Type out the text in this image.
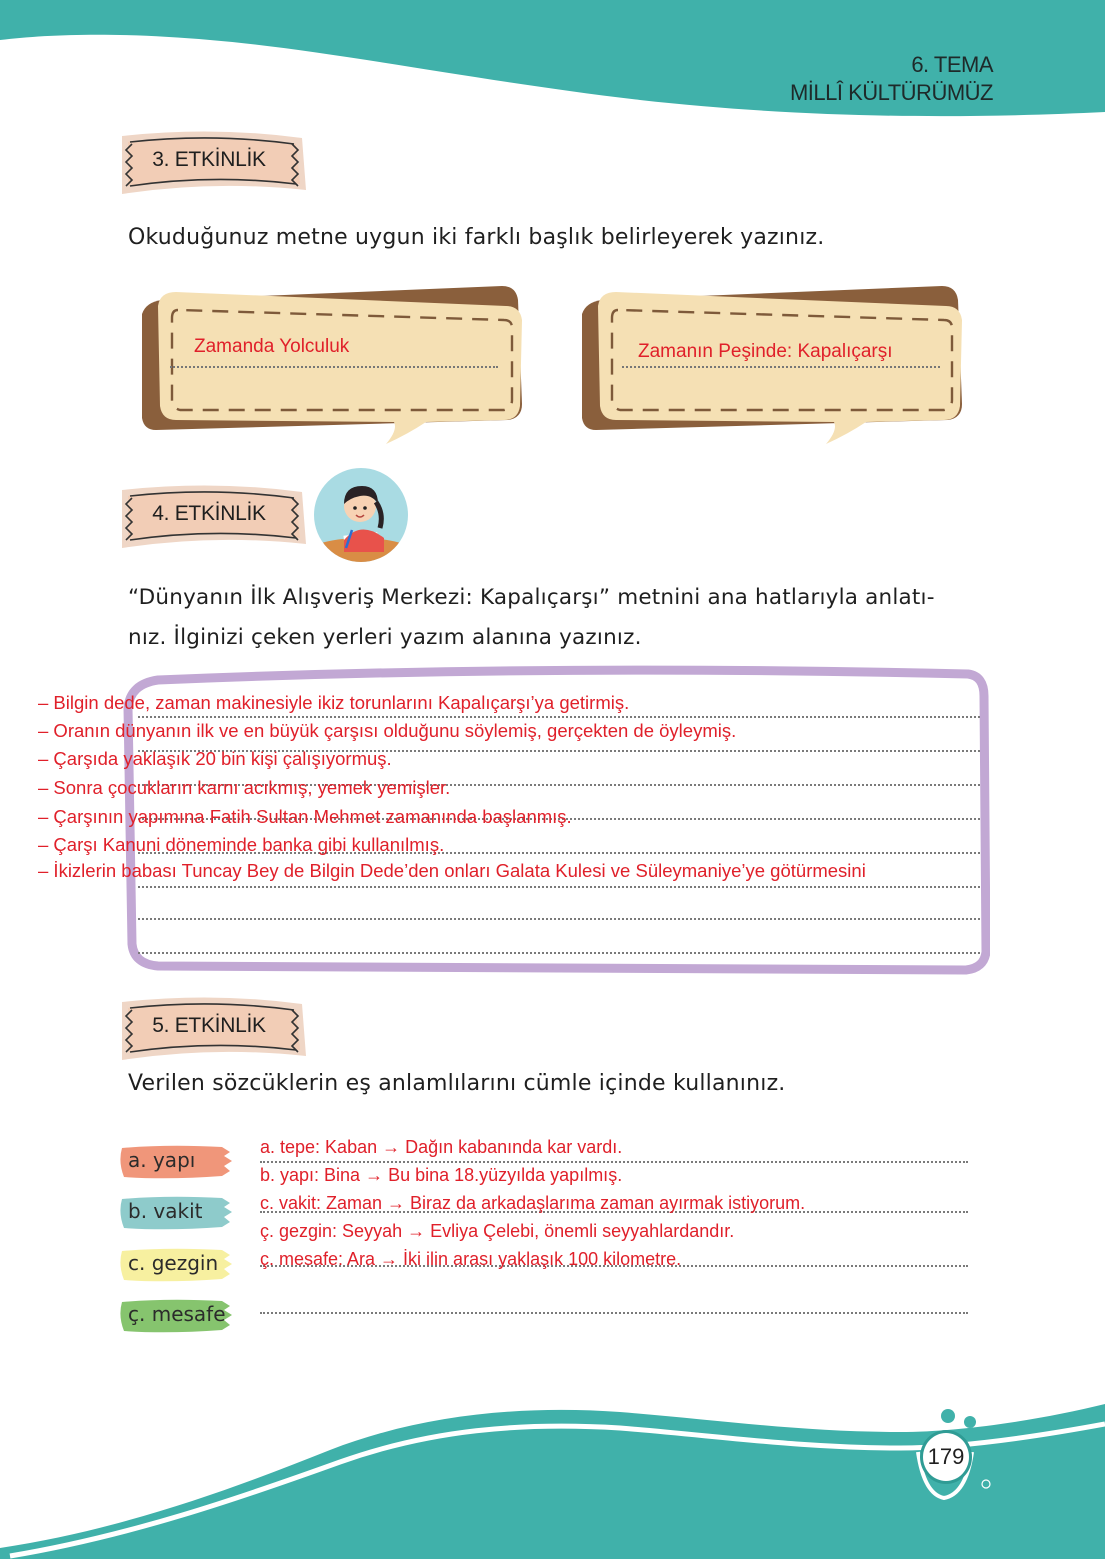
6. TEMA
MİLLÎ KÜLTÜRÜMÜZ
3. ETKİNLİK
Okuduğunuz metne uygun iki farklı başlık belirleyerek yazınız.
Zamanda Yolculuk	Zamanın Peşinde: Kapalıçarşı
4. ETKİNLİK
“Dünyanın İlk Alışveriş Merkezi: Kapalıçarşı” metnini ana hatlarıyla anlatı-
nız. İlginizi çeken yerleri yazım alanına yazınız.
– Bilgin dede, zaman makinesiyle ikiz torunlarını Kapalıçarşı’ya getirmiş.
– Oranın dünyanın ilk ve en büyük çarşısı olduğunu söylemiş, gerçekten de öyleymiş.
– Çarşıda yaklaşık 20 bin kişi çalışıyormuş.
– Sonra çocukların karnı acıkmış, yemek yemişler.
– Çarşının yapımına Fatih Sultan Mehmet zamanında başlanmış.
– Çarşı Kanuni döneminde banka gibi kullanılmış.
– İkizlerin babası Tuncay Bey de Bilgin Dede’den onları Galata Kulesi ve Süleymaniye’ye götürmesini
5. ETKİNLİK
Verilen sözcüklerin eş anlamlılarını cümle içinde kullanınız.
a. yapı
b. vakit
c. gezgin
ç. mesafe
a. tepe: Kaban → Dağın kabanında kar vardı.
b. yapı: Bina → Bu bina 18.yüzyılda yapılmış.
c. vakit: Zaman → Biraz da arkadaşlarıma zaman ayırmak istiyorum.
ç. gezgin: Seyyah → Evliya Çelebi, önemli seyyahlardandır.
ç. mesafe: Ara → İki ilin arası yaklaşık 100 kilometre.
179
